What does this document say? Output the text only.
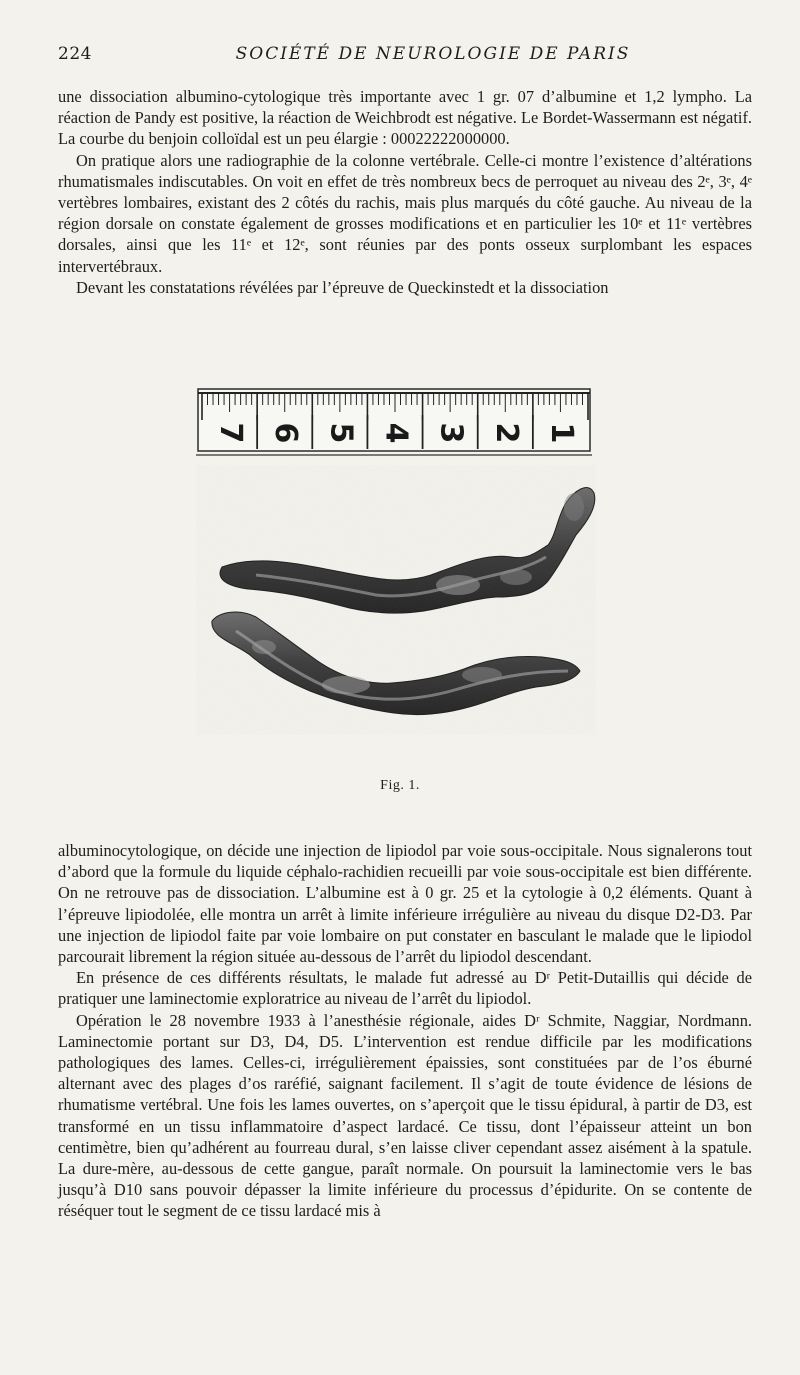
224	SOCIÉTÉ DE NEUROLOGIE DE PARIS

une dissociation albumino-cytologique très importante avec 1 gr. 07 d’albumine et 1,2 lympho. La réaction de Pandy est positive, la réaction de Weichbrodt est négative. Le Bordet-Wassermann est négatif. La courbe du benjoin colloïdal est un peu élargie : 00022222000000.

On pratique alors une radiographie de la colonne vertébrale. Celle-ci montre l’existence d’altérations rhumatismales indiscutables. On voit en effet de très nombreux becs de perroquet au niveau des 2ᵉ, 3ᵉ, 4ᵉ vertèbres lombaires, existant des 2 côtés du rachis, mais plus marqués du côté gauche. Au niveau de la région dorsale on constate également de grosses modifications et en particulier les 10ᵉ et 11ᵉ vertèbres dorsales, ainsi que les 11ᵉ et 12ᵉ, sont réunies par des ponts osseux surplombant les espaces intervertébraux.

Devant les constatations révélées par l’épreuve de Queckinstedt et la dissociation

7 6 5 4 3 2 1
Fig. 1.

albuminocytologique, on décide une injection de lipiodol par voie sous-occipitale. Nous signalerons tout d’abord que la formule du liquide céphalo-rachidien recueilli par voie sous-occipitale est bien différente. On ne retrouve pas de dissociation. L’albumine est à 0 gr. 25 et la cytologie à 0,2 éléments. Quant à l’épreuve lipiodolée, elle montra un arrêt à limite inférieure irrégulière au niveau du disque D2-D3. Par une injection de lipiodol faite par voie lombaire on put constater en basculant le malade que le lipiodol parcourait librement la région située au-dessous de l’arrêt du lipiodol descendant.

En présence de ces différents résultats, le malade fut adressé au Dʳ Petit-Dutaillis qui décide de pratiquer une laminectomie exploratrice au niveau de l’arrêt du lipiodol.

Opération le 28 novembre 1933 à l’anesthésie régionale, aides Dʳ Schmite, Naggiar, Nordmann. Laminectomie portant sur D3, D4, D5. L’intervention est rendue difficile par les modifications pathologiques des lames. Celles-ci, irrégulièrement épaissies, sont constituées par de l’os éburné alternant avec des plages d’os raréfié, saignant facilement. Il s’agit de toute évidence de lésions de rhumatisme vertébral. Une fois les lames ouvertes, on s’aperçoit que le tissu épidural, à partir de D3, est transformé en un tissu inflammatoire d’aspect lardacé. Ce tissu, dont l’épaisseur atteint un bon centimètre, bien qu’adhérent au fourreau dural, s’en laisse cliver cependant assez aisément à la spatule. La dure-mère, au-dessous de cette gangue, paraît normale. On poursuit la laminectomie vers le bas jusqu’à D10 sans pouvoir dépasser la limite inférieure du processus d’épidurite. On se contente de réséquer tout le segment de ce tissu lardacé mis à
